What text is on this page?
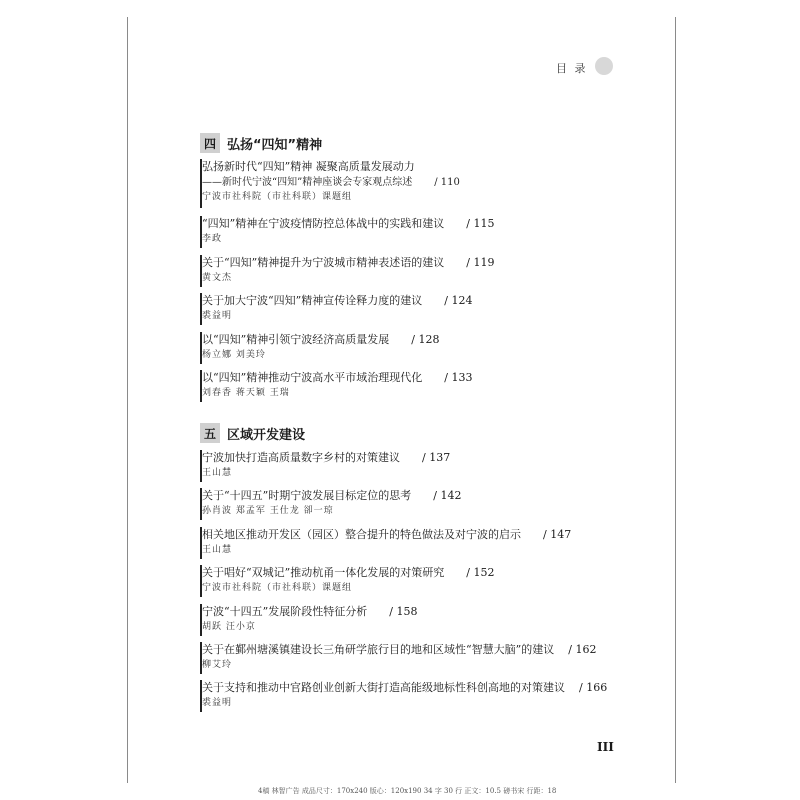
目 录
四 弘扬“四知”精神
弘扬新时代“四知”精神 凝聚高质量发展动力
——新时代宁波“四知”精神座谈会专家观点综述 / 110
宁波市社科院（市社科联）课题组
“四知”精神在宁波疫情防控总体战中的实践和建议 / 115
李政
关于“四知”精神提升为宁波城市精神表述语的建议 / 119
黄文杰
关于加大宁波“四知”精神宣传诠释力度的建议 / 124
裘益明
以“四知”精神引领宁波经济高质量发展 / 128
杨立娜 刘美玲
以“四知”精神推动宁波高水平市域治理现代化 / 133
刘春香 蒋天颖 王瑞
五 区域开发建设
宁波加快打造高质量数字乡村的对策建议 / 137
王山慧
关于“十四五”时期宁波发展目标定位的思考 / 142
孙肖波 郑孟军 王仕龙 卻一琼
相关地区推动开发区（园区）整合提升的特色做法及对宁波的启示 / 147
王山慧
关于唱好“双城记”推动杭甬一体化发展的对策研究 / 152
宁波市社科院（市社科联）课题组
宁波“十四五”发展阶段性特征分析 / 158
胡跃 汪小京
关于在鄞州塘溪镇建设长三角研学旅行目的地和区域性“智慧大脑”的建议 / 162
柳艾玲
关于支持和推动中官路创业创新大街打造高能级地标性科创高地的对策建议 / 166
裘益明
III
4稿 林智广告 成品尺寸：170x240 版心：120x190 34 字 30 行 正文：10.5 磅书宋 行距：18
